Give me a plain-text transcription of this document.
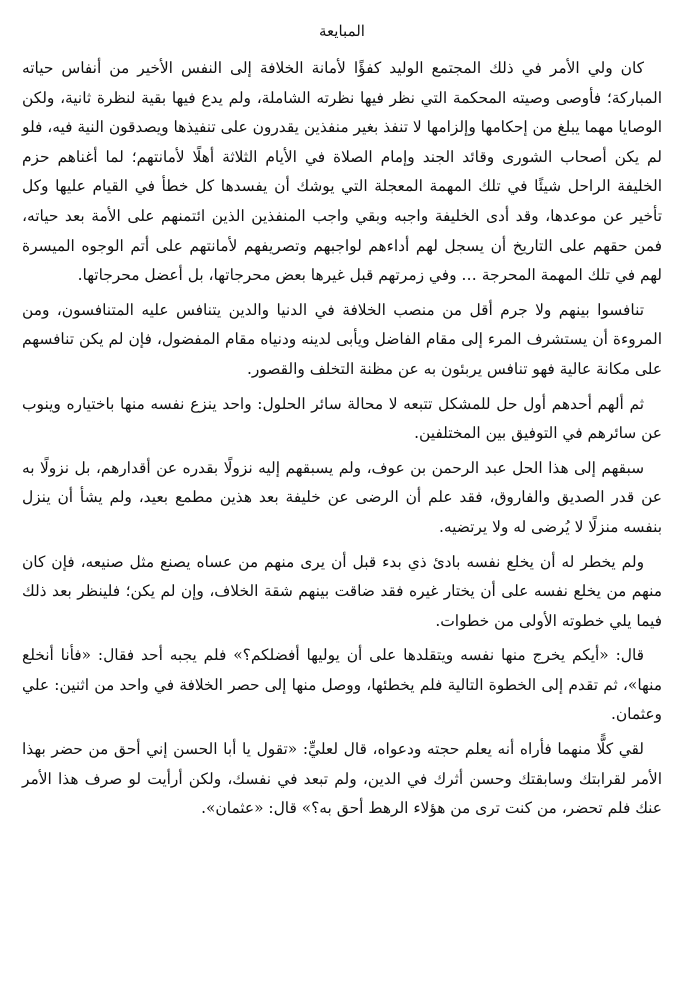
المبايعة

كان ولي الأمر في ذلك المجتمع الوليد كفؤًا لأمانة الخلافة إلى النفس الأخير من أنفاس حياته المباركة؛ فأوصى وصيته المحكمة التي نظر فيها نظرته الشاملة، ولم يدع فيها بقية لنظرة ثانية، ولكن الوصايا مهما يبلغ من إحكامها وإلزامها لا تنفذ بغير منفذين يقدرون على تنفيذها ويصدقون النية فيه، فلو لم يكن أصحاب الشورى وقائد الجند وإمام الصلاة في الأيام الثلاثة أهلًا لأمانتهم؛ لما أغناهم حزم الخليفة الراحل شيئًا في تلك المهمة المعجلة التي يوشك أن يفسدها كل خطأ في القيام عليها وكل تأخير عن موعدها، وقد أدى الخليفة واجبه وبقي واجب المنفذين الذين ائتمنهم على الأمة بعد حياته، فمن حقهم على التاريخ أن يسجل لهم أداءهم لواجبهم وتصريفهم لأمانتهم على أتم الوجوه الميسرة لهم في تلك المهمة المحرجة … وفي زمرتهم قبل غيرها بعض محرجاتها، بل أعضل محرجاتها.

تنافسوا بينهم ولا جرم أقل من منصب الخلافة في الدنيا والدين يتنافس عليه المتنافسون، ومن المروءة أن يستشرف المرء إلى مقام الفاضل ويأبى لدينه ودنياه مقام المفضول، فإن لم يكن تنافسهم على مكانة عالية فهو تنافس يربئون به عن مظنة التخلف والقصور.

ثم ألهم أحدهم أول حل للمشكل تتبعه لا محالة سائر الحلول: واحد ينزع نفسه منها باختياره وينوب عن سائرهم في التوفيق بين المختلفين.

سبقهم إلى هذا الحل عبد الرحمن بن عوف، ولم يسبقهم إليه نزولًا بقدره عن أقدارهم، بل نزولًا به عن قدر الصديق والفاروق، فقد علم أن الرضى عن خليفة بعد هذين مطمع بعيد، ولم يشأ أن ينزل بنفسه منزلًا لا يُرضى له ولا يرتضيه.

ولم يخطر له أن يخلع نفسه بادئ ذي بدء قبل أن يرى منهم من عساه يصنع مثل صنيعه، فإن كان منهم من يخلع نفسه على أن يختار غيره فقد ضاقت بينهم شقة الخلاف، وإن لم يكن؛ فلينظر بعد ذلك فيما يلي خطوته الأولى من خطوات.

قال: «أيكم يخرج منها نفسه ويتقلدها على أن يوليها أفضلكم؟» فلم يجبه أحد فقال: «فأنا أنخلع منها»، ثم تقدم إلى الخطوة التالية فلم يخطئها، ووصل منها إلى حصر الخلافة في واحد من اثنين: علي وعثمان.

لقي كلًّا منهما فأراه أنه يعلم حجته ودعواه، قال لعليٍّ: «تقول يا أبا الحسن إني أحق من حضر بهذا الأمر لقرابتك وسابقتك وحسن أثرك في الدين، ولم تبعد في نفسك، ولكن أرأيت لو صرف هذا الأمر عنك فلم تحضر، من كنت ترى من هؤلاء الرهط أحق به؟» قال: «عثمان».
